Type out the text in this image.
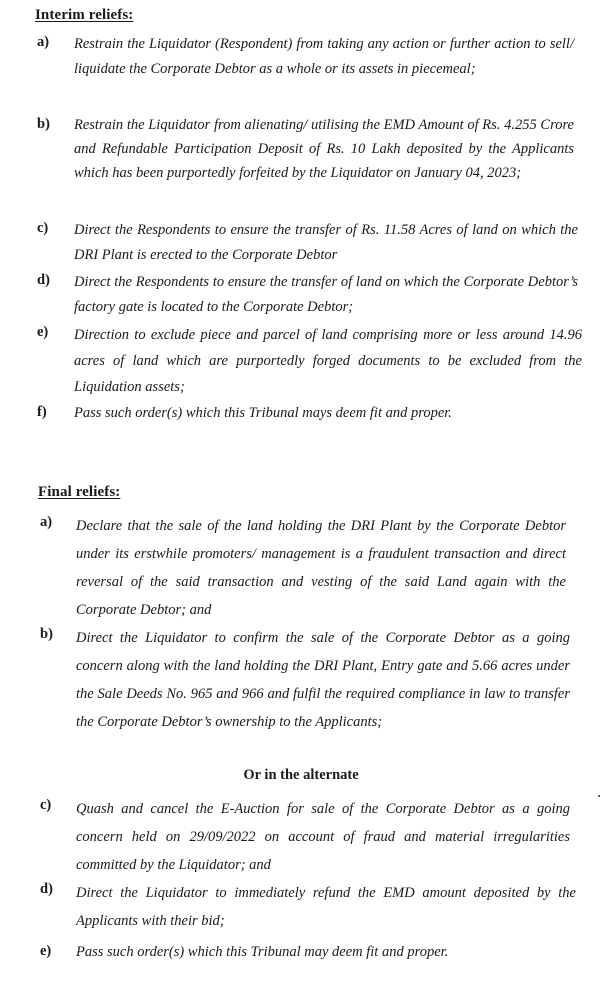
Interim reliefs:
a) Restrain the Liquidator (Respondent) from taking any action or further action to sell/ liquidate the Corporate Debtor as a whole or its assets in piecemeal;
b) Restrain the Liquidator from alienating/ utilising the EMD Amount of Rs. 4.255 Crore and Refundable Participation Deposit of Rs. 10 Lakh deposited by the Applicants which has been purportedly forfeited by the Liquidator on January 04, 2023;
c) Direct the Respondents to ensure the transfer of Rs. 11.58 Acres of land on which the DRI Plant is erected to the Corporate Debtor
d) Direct the Respondents to ensure the transfer of land on which the Corporate Debtor’s factory gate is located to the Corporate Debtor;
e) Direction to exclude piece and parcel of land comprising more or less around 14.96 acres of land which are purportedly forged documents to be excluded from the Liquidation assets;
f) Pass such order(s) which this Tribunal mays deem fit and proper.
Final reliefs:
a) Declare that the sale of the land holding the DRI Plant by the Corporate Debtor under its erstwhile promoters/ management is a fraudulent transaction and direct reversal of the said transaction and vesting of the said Land again with the Corporate Debtor; and
b) Direct the Liquidator to confirm the sale of the Corporate Debtor as a going concern along with the land holding the DRI Plant, Entry gate and 5.66 acres under the Sale Deeds No. 965 and 966 and fulfil the required compliance in law to transfer the Corporate Debtor’s ownership to the Applicants;
Or in the alternate
c) Quash and cancel the E-Auction for sale of the Corporate Debtor as a going concern held on 29/09/2022 on account of fraud and material irregularities committed by the Liquidator; and
d) Direct the Liquidator to immediately refund the EMD amount deposited by the Applicants with their bid;
e) Pass such order(s) which this Tribunal may deem fit and proper.
